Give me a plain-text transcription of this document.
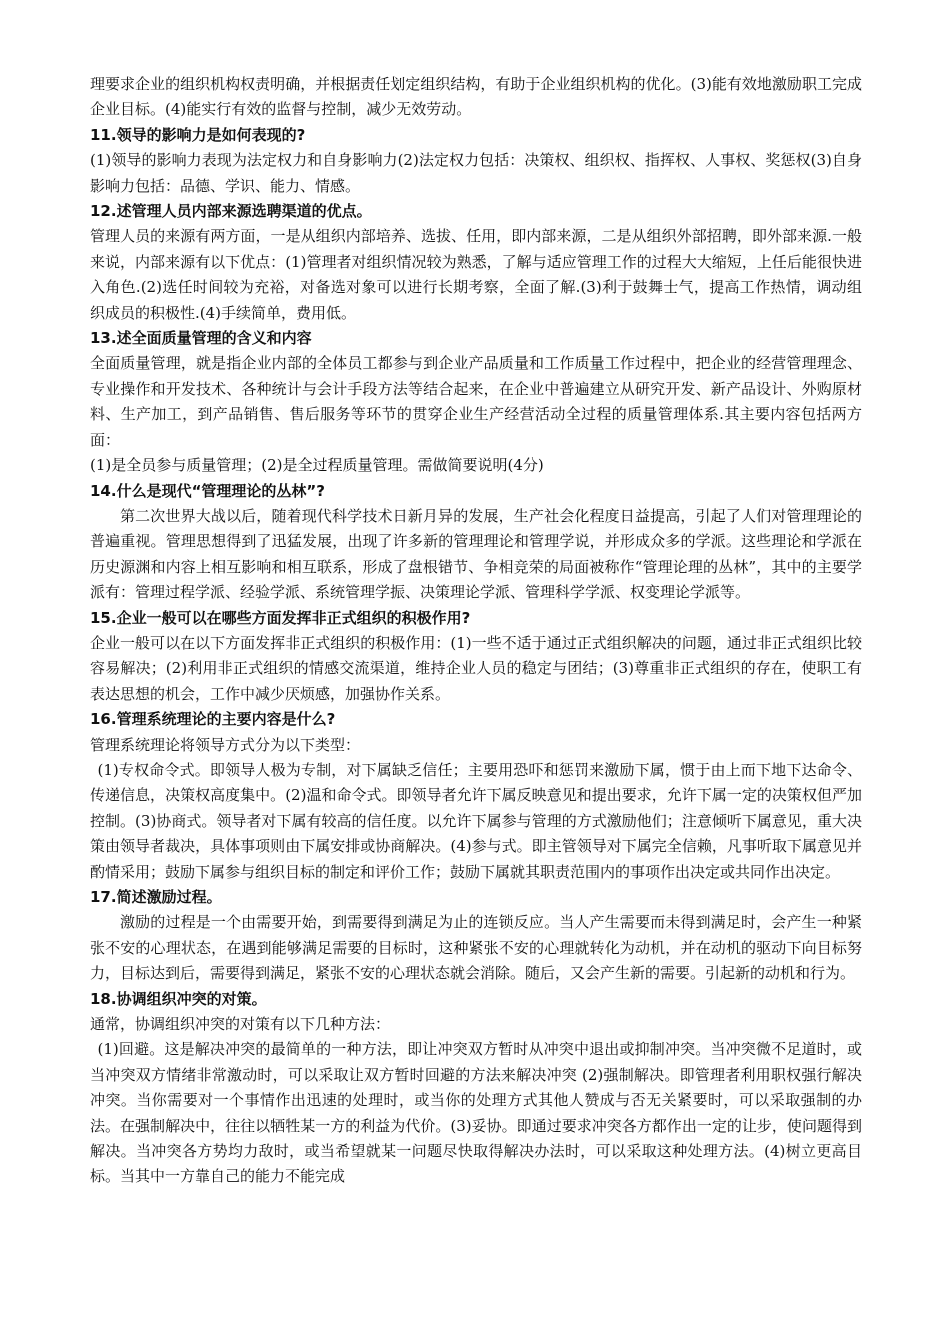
理要求企业的组织机构权责明确，并根据责任划定组织结构，有助于企业组织机构的优化。(3)能有效地激励职工完成企业目标。(4)能实行有效的监督与控制，减少无效劳动。
11.领导的影响力是如何表现的?
(1)领导的影响力表现为法定权力和自身影响力(2)法定权力包括：决策权、组织权、指挥权、人事权、奖惩权(3)自身影响力包括：品德、学识、能力、情感。
12.述管理人员内部来源选聘渠道的优点。
管理人员的来源有两方面，一是从组织内部培养、选拔、任用，即内部来源，二是从组织外部招聘，即外部来源.一般来说，内部来源有以下优点：(1)管理者对组织情况较为熟悉，了解与适应管理工作的过程大大缩短，上任后能很快进入角色.(2)选任时间较为充裕，对备选对象可以进行长期考察，全面了解.(3)利于鼓舞士气，提高工作热情，调动组织成员的积极性.(4)手续简单，费用低。
13.述全面质量管理的含义和内容
全面质量管理，就是指企业内部的全体员工都参与到企业产品质量和工作质量工作过程中，把企业的经营管理理念、专业操作和开发技术、各种统计与会计手段方法等结合起来，在企业中普遍建立从研究开发、新产品设计、外购原材料、生产加工，到产品销售、售后服务等环节的贯穿企业生产经营活动全过程的质量管理体系.其主要内容包括两方面：
(1)是全员参与质量管理；(2)是全过程质量管理。需做简要说明(4分)
14.什么是现代“管理理论的丛林”?
第二次世界大战以后，随着现代科学技术日新月异的发展，生产社会化程度日益提高，引起了人们对管理理论的普遍重视。管理思想得到了迅猛发展，出现了许多新的管理理论和管理学说，并形成众多的学派。这些理论和学派在历史源渊和内容上相互影响和相互联系，形成了盘根错节、争相竞荣的局面被称作“管理论理的丛林”，其中的主要学派有：管理过程学派、经验学派、系统管理学振、决策理论学派、管理科学学派、权变理论学派等。
15.企业一般可以在哪些方面发挥非正式组织的积极作用?
企业一般可以在以下方面发挥非正式组织的积极作用：(1)一些不适于通过正式组织解决的问题，通过非正式组织比较容易解决；(2)利用非正式组织的情感交流渠道，维持企业人员的稳定与团结；(3)尊重非正式组织的存在，使职工有表达思想的机会，工作中减少厌烦感，加强协作关系。
16.管理系统理论的主要内容是什么?
管理系统理论将领导方式分为以下类型：
(1)专权命令式。即领导人极为专制，对下属缺乏信任；主要用恐吓和惩罚来激励下属，惯于由上而下地下达命令、传递信息，决策权高度集中。(2)温和命令式。即领导者允许下属反映意见和提出要求，允许下属一定的决策权但严加控制。(3)协商式。领导者对下属有较高的信任度。以允许下属参与管理的方式激励他们；注意倾听下属意见，重大决策由领导者裁决，具体事项则由下属安排或协商解决。(4)参与式。即主管领导对下属完全信赖，凡事听取下属意见并酌情采用；鼓励下属参与组织目标的制定和评价工作；鼓励下属就其职责范围内的事项作出决定或共同作出决定。
17.简述激励过程。
激励的过程是一个由需要开始，到需要得到满足为止的连锁反应。当人产生需要而未得到满足时，会产生一种紧张不安的心理状态，在遇到能够满足需要的目标时，这种紧张不安的心理就转化为动机，并在动机的驱动下向目标努力，目标达到后，需要得到满足，紧张不安的心理状态就会消除。随后，又会产生新的需要。引起新的动机和行为。
18.协调组织冲突的对策。
通常，协调组织冲突的对策有以下几种方法：
(1)回避。这是解决冲突的最简单的一种方法，即让冲突双方暂时从冲突中退出或抑制冲突。当冲突微不足道时，或当冲突双方情绪非常激动时，可以采取让双方暂时回避的方法来解决冲突 (2)强制解决。即管理者利用职权强行解决冲突。当你需要对一个事情作出迅速的处理时，或当你的处理方式其他人赞成与否无关紧要时，可以采取强制的办法。在强制解决中，往往以牺牲某一方的利益为代价。(3)妥协。即通过要求冲突各方都作出一定的让步，使问题得到解决。当冲突各方势均力敌时，或当希望就某一问题尽快取得解决办法时，可以采取这种处理方法。(4)树立更高目标。当其中一方靠自己的能力不能完成
